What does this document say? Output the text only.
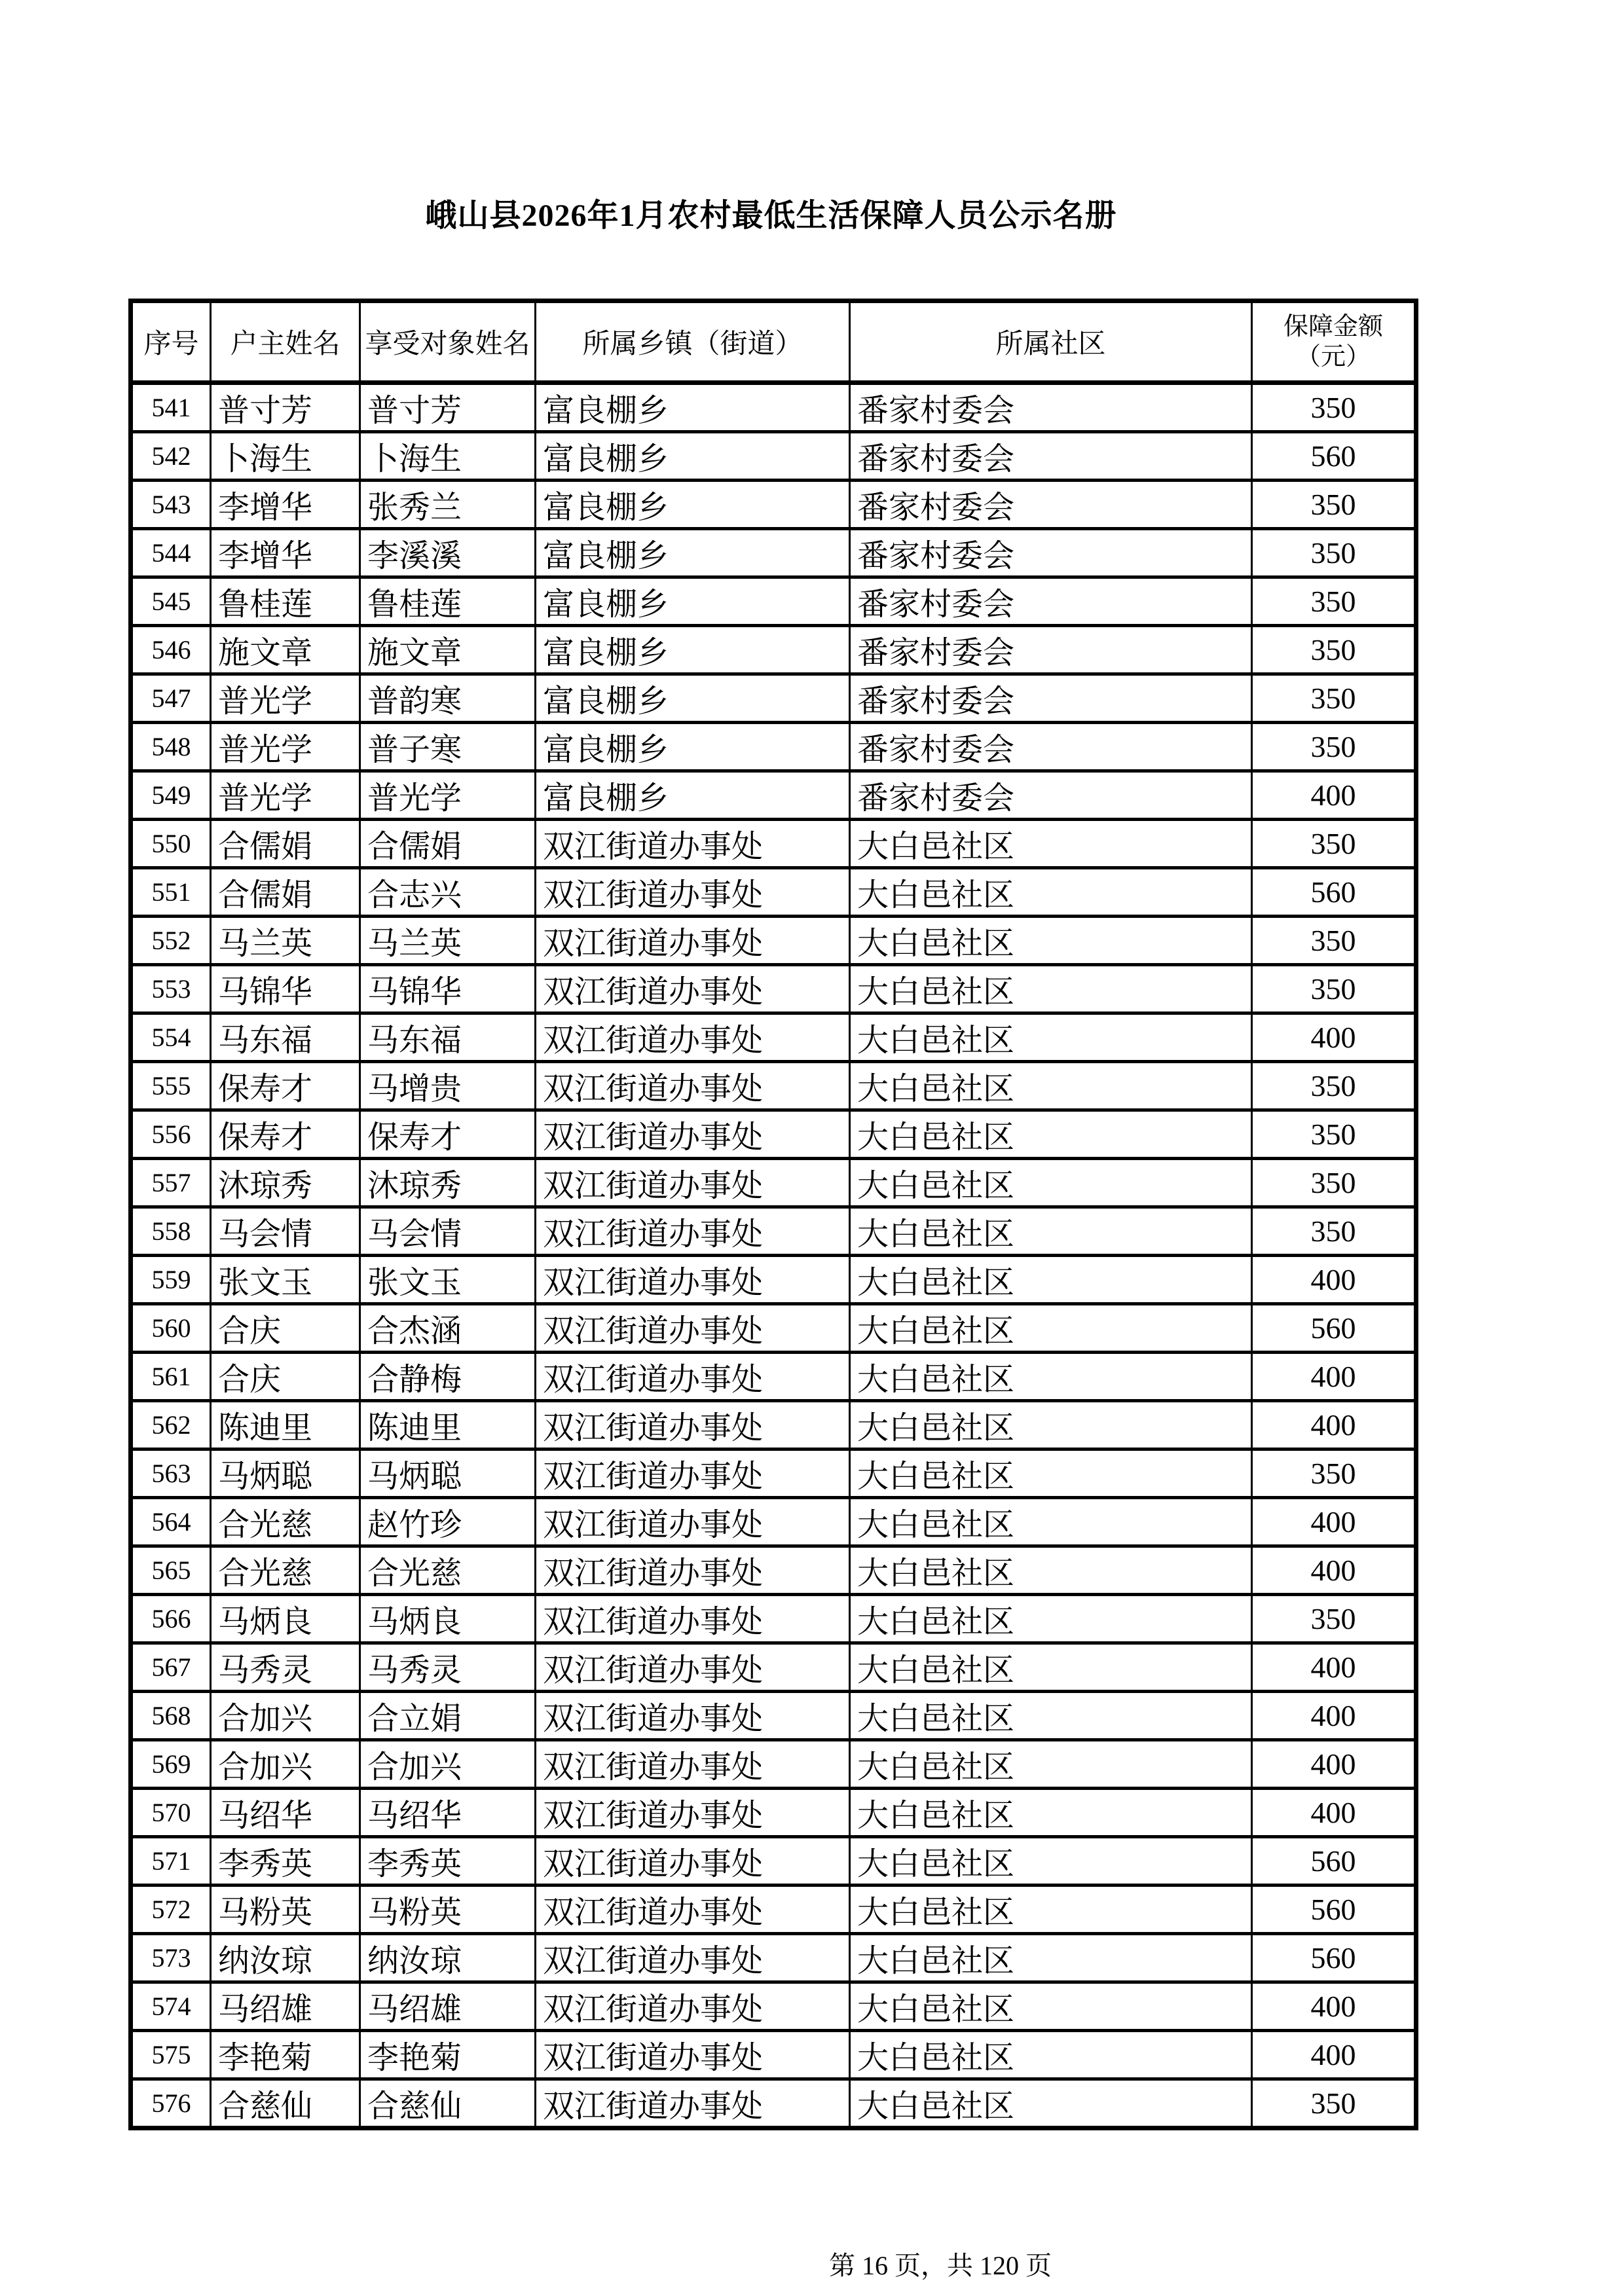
峨山县2026年1月农村最低生活保障人员公示名册
序号	户主姓名	享受对象姓名	所属乡镇（街道）	所属社区	保障金额
（元）

541	普寸芳	普寸芳	富良棚乡	番家村委会	350
542	卜海生	卜海生	富良棚乡	番家村委会	560
543	李增华	张秀兰	富良棚乡	番家村委会	350
544	李增华	李溪溪	富良棚乡	番家村委会	350
545	鲁桂莲	鲁桂莲	富良棚乡	番家村委会	350
546	施文章	施文章	富良棚乡	番家村委会	350
547	普光学	普韵寒	富良棚乡	番家村委会	350
548	普光学	普子寒	富良棚乡	番家村委会	350
549	普光学	普光学	富良棚乡	番家村委会	400
550	合儒娟	合儒娟	双江街道办事处	大白邑社区	350
551	合儒娟	合志兴	双江街道办事处	大白邑社区	560
552	马兰英	马兰英	双江街道办事处	大白邑社区	350
553	马锦华	马锦华	双江街道办事处	大白邑社区	350
554	马东福	马东福	双江街道办事处	大白邑社区	400
555	保寿才	马增贵	双江街道办事处	大白邑社区	350
556	保寿才	保寿才	双江街道办事处	大白邑社区	350
557	沐琼秀	沐琼秀	双江街道办事处	大白邑社区	350
558	马会情	马会情	双江街道办事处	大白邑社区	350
559	张文玉	张文玉	双江街道办事处	大白邑社区	400
560	合庆	合杰涵	双江街道办事处	大白邑社区	560
561	合庆	合静梅	双江街道办事处	大白邑社区	400
562	陈迪里	陈迪里	双江街道办事处	大白邑社区	400
563	马炳聪	马炳聪	双江街道办事处	大白邑社区	350
564	合光慈	赵竹珍	双江街道办事处	大白邑社区	400
565	合光慈	合光慈	双江街道办事处	大白邑社区	400
566	马炳良	马炳良	双江街道办事处	大白邑社区	350
567	马秀灵	马秀灵	双江街道办事处	大白邑社区	400
568	合加兴	合立娟	双江街道办事处	大白邑社区	400
569	合加兴	合加兴	双江街道办事处	大白邑社区	400
570	马绍华	马绍华	双江街道办事处	大白邑社区	400
571	李秀英	李秀英	双江街道办事处	大白邑社区	560
572	马粉英	马粉英	双江街道办事处	大白邑社区	560
573	纳汝琼	纳汝琼	双江街道办事处	大白邑社区	560
574	马绍雄	马绍雄	双江街道办事处	大白邑社区	400
575	李艳菊	李艳菊	双江街道办事处	大白邑社区	400
576	合慈仙	合慈仙	双江街道办事处	大白邑社区	350
第 16 页，共 120 页
